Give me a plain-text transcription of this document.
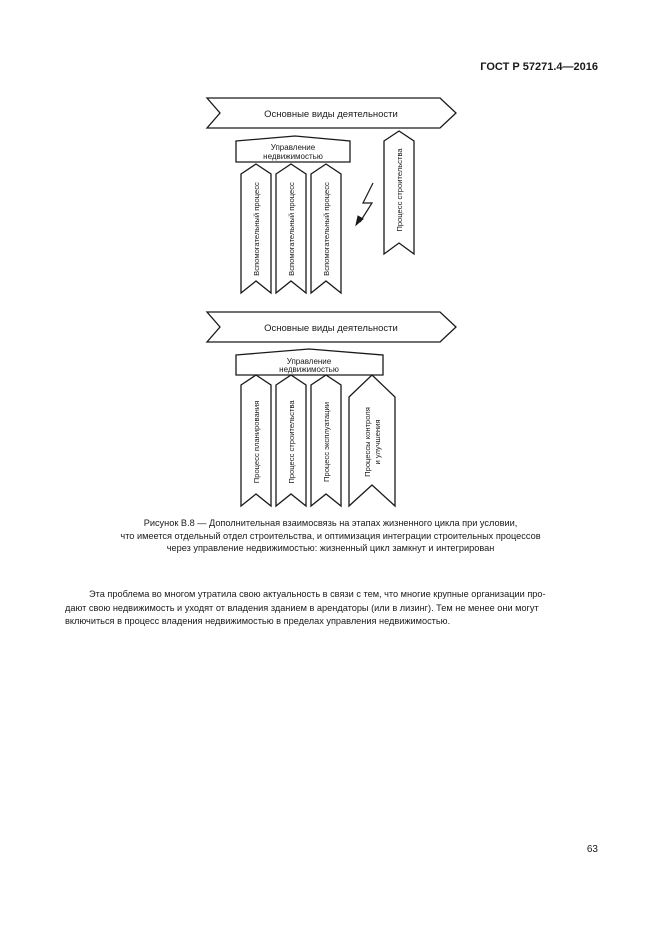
ГОСТ Р 57271.4—2016
Основные виды деятельности
Управление
недвижимостью
Вспомогательный процесс	Вспомогательный процесс	Вспомогательный процесс	Процесс строительства
Основные виды деятельности
Управление
недвижимостью
Процесс планирования	Процесс строительства	Процесс эксплуатации	Процессы контроля и улучшения
Рисунок В.8 — Дополнительная взаимосвязь на этапах жизненного цикла при условии,
что имеется отдельный отдел строительства, и оптимизация интеграции строительных процессов
через управление недвижимостью: жизненный цикл замкнут и интегрирован
Эта проблема во многом утратила свою актуальность в связи с тем, что многие крупные организации про-
дают свою недвижимость и уходят от владения зданием в арендаторы (или в лизинг). Тем не менее они могут
включиться в процесс владения недвижимостью в пределах управления недвижимостью.
63
